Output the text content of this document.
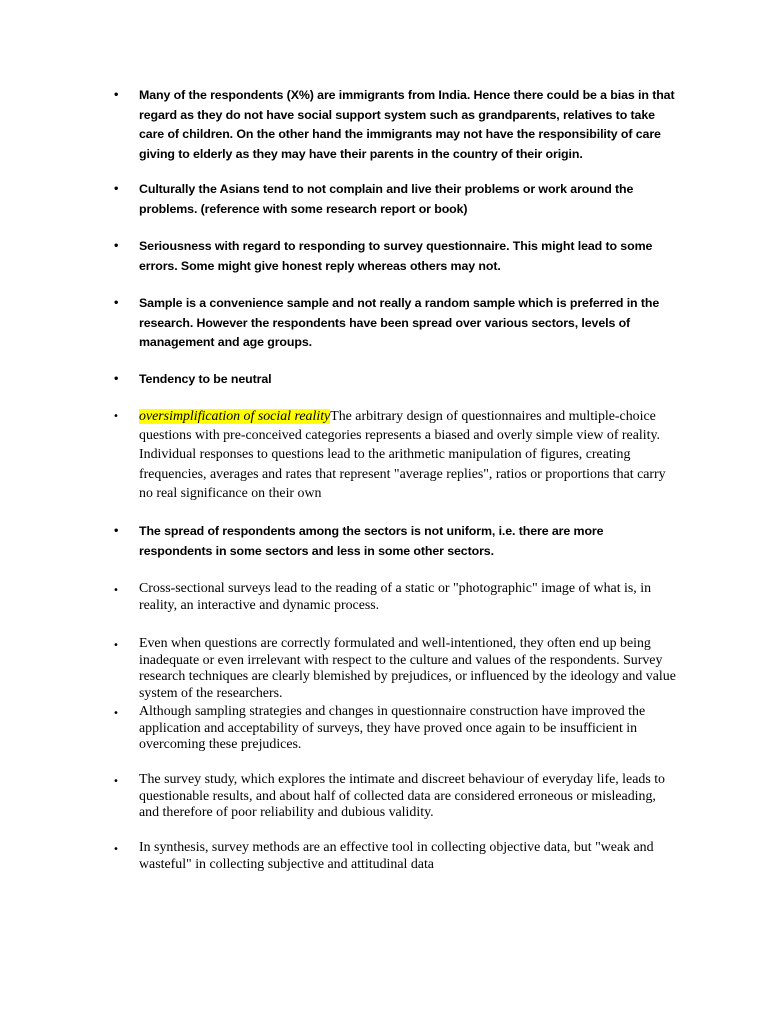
• Many of the respondents (X%) are immigrants from India. Hence there could be a bias in that regard as they do not have social support system such as grandparents, relatives to take care of children. On the other hand the immigrants may not have the responsibility of care giving to elderly as they may have their parents in the country of their origin.
• Culturally the Asians tend to not complain and live their problems or work around the problems. (reference with some research report or book)
• Seriousness with regard to responding to survey questionnaire. This might lead to some errors. Some might give honest reply whereas others may not.
• Sample is a convenience sample and not really a random sample which is preferred in the research. However the respondents have been spread over various sectors, levels of management and age groups.
• Tendency to be neutral
• oversimplification of social realityThe arbitrary design of questionnaires and multiple-choice questions with pre-conceived categories represents a biased and overly simple view of reality. Individual responses to questions lead to the arithmetic manipulation of figures, creating frequencies, averages and rates that represent "average replies", ratios or proportions that carry no real significance on their own
• The spread of respondents among the sectors is not uniform, i.e. there are more respondents in some sectors and less in some other sectors.
• Cross-sectional surveys lead to the reading of a static or "photographic" image of what is, in reality, an interactive and dynamic process.
• Even when questions are correctly formulated and well-intentioned, they often end up being inadequate or even irrelevant with respect to the culture and values of the respondents. Survey research techniques are clearly blemished by prejudices, or influenced by the ideology and value system of the researchers.
• Although sampling strategies and changes in questionnaire construction have improved the application and acceptability of surveys, they have proved once again to be insufficient in overcoming these prejudices.
• The survey study, which explores the intimate and discreet behaviour of everyday life, leads to questionable results, and about half of collected data are considered erroneous or misleading, and therefore of poor reliability and dubious validity.
• In synthesis, survey methods are an effective tool in collecting objective data, but "weak and wasteful" in collecting subjective and attitudinal data
